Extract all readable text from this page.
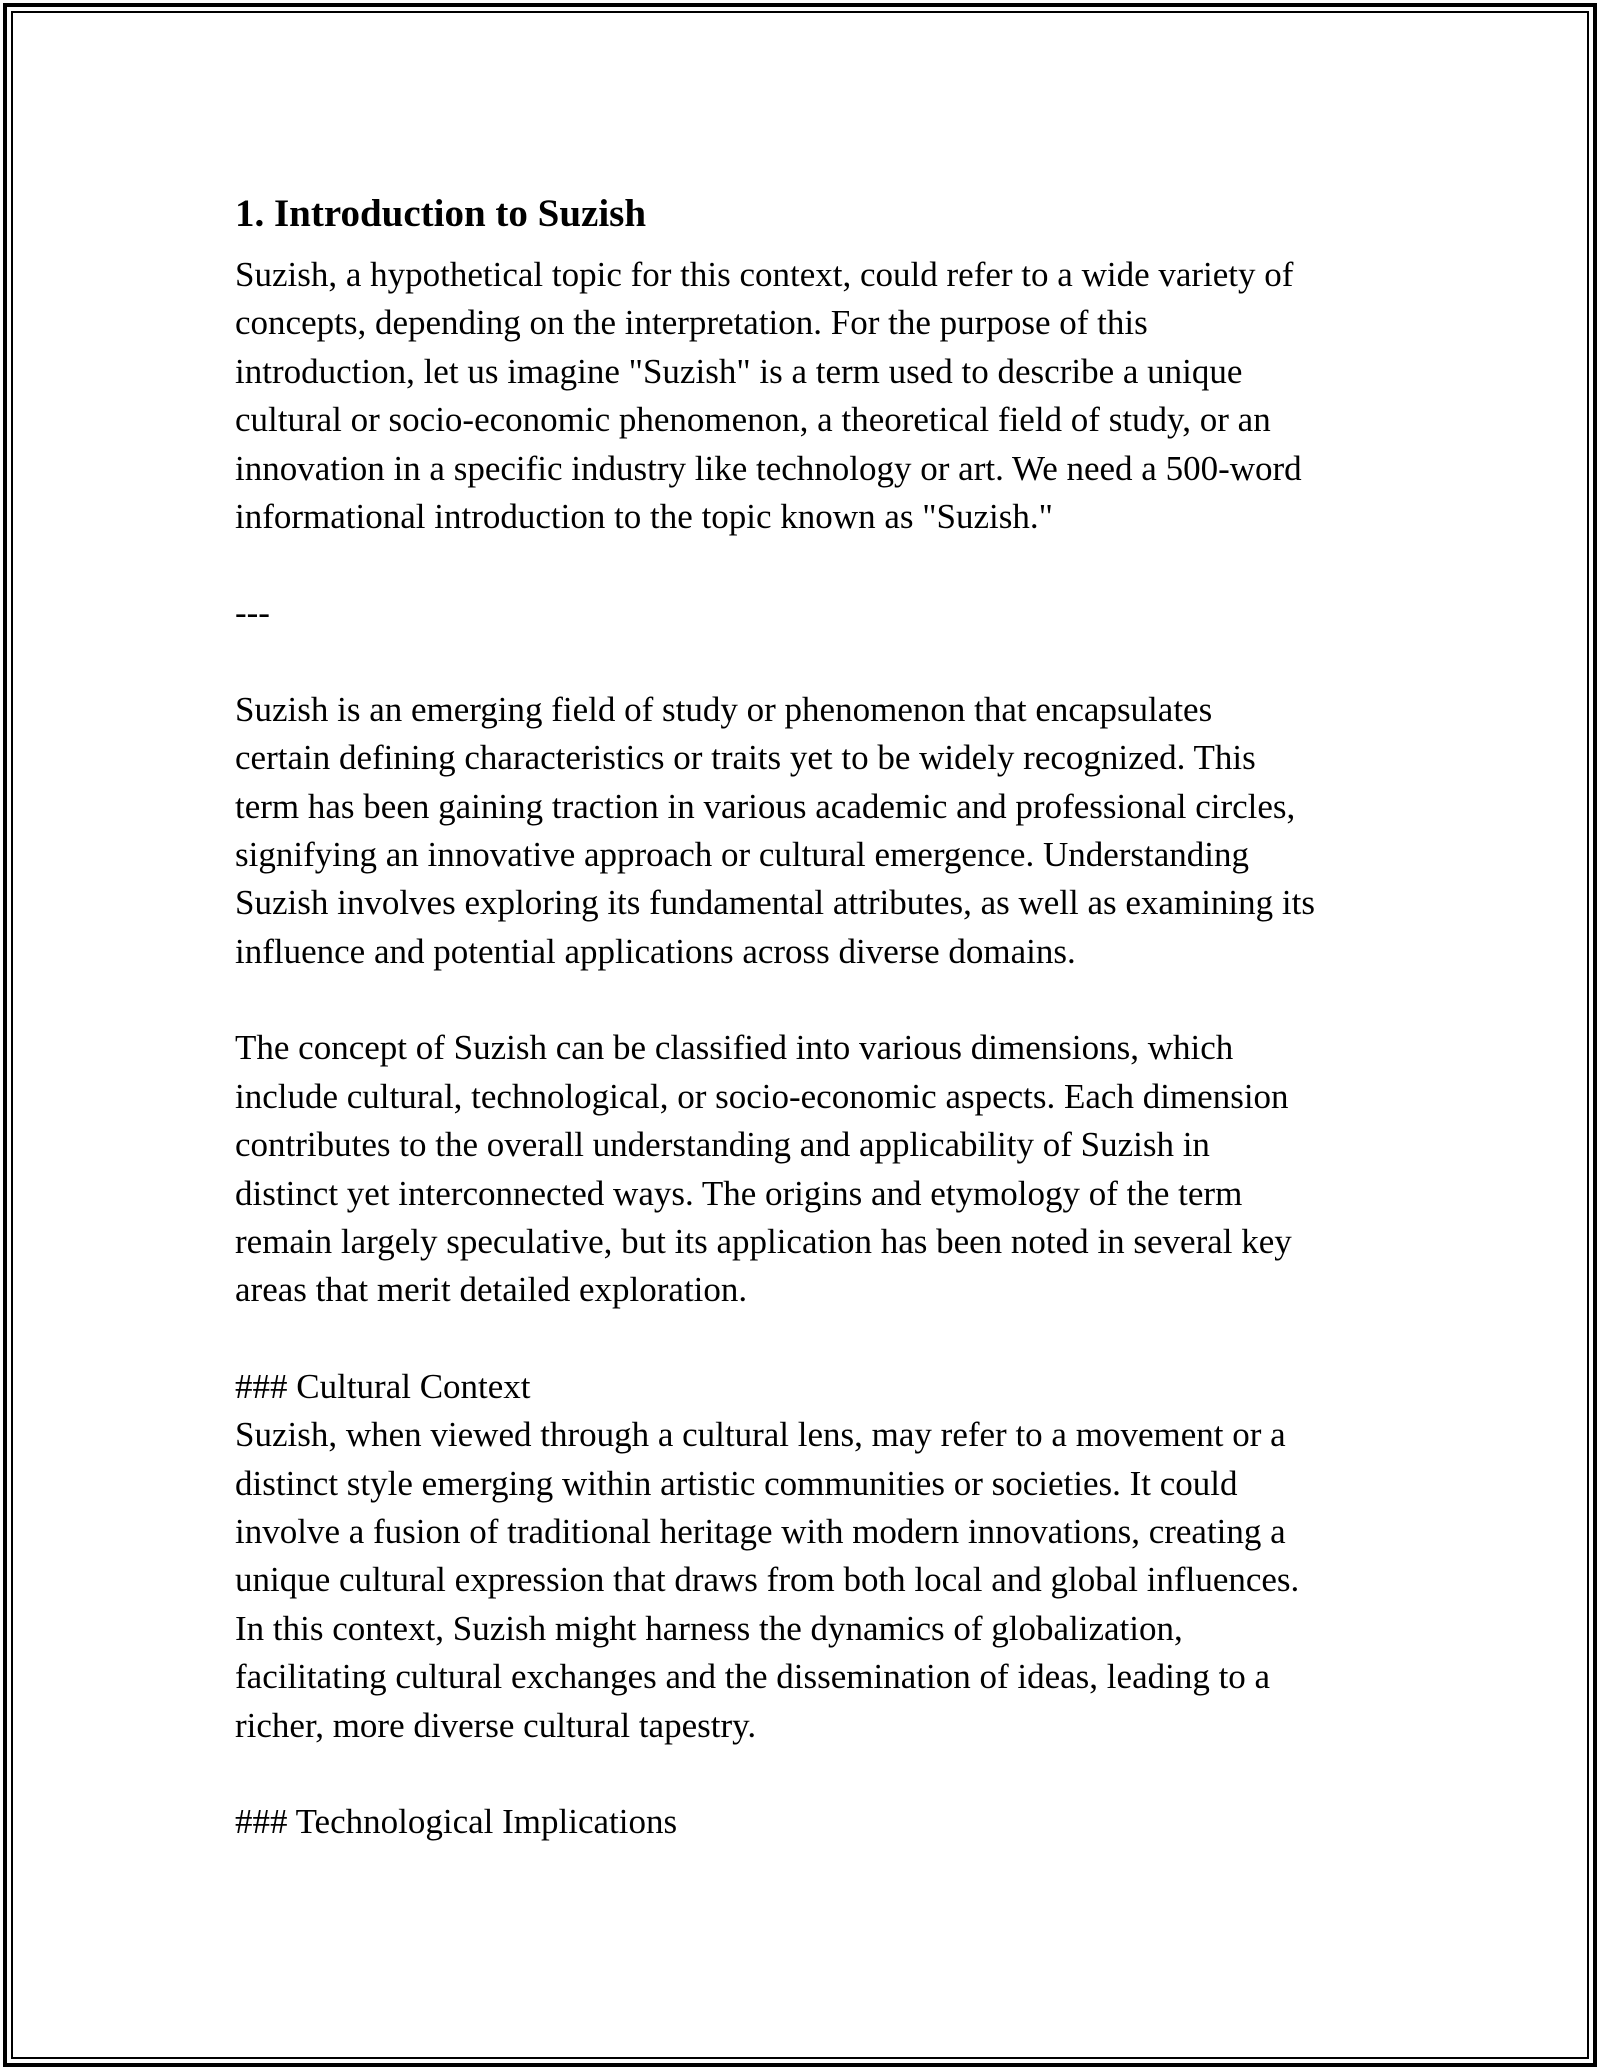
1. Introduction to Suzish

Suzish, a hypothetical topic for this context, could refer to a wide variety of
concepts, depending on the interpretation. For the purpose of this
introduction, let us imagine "Suzish" is a term used to describe a unique
cultural or socio-economic phenomenon, a theoretical field of study, or an
innovation in a specific industry like technology or art. We need a 500-word
informational introduction to the topic known as "Suzish."

---

Suzish is an emerging field of study or phenomenon that encapsulates
certain defining characteristics or traits yet to be widely recognized. This
term has been gaining traction in various academic and professional circles,
signifying an innovative approach or cultural emergence. Understanding
Suzish involves exploring its fundamental attributes, as well as examining its
influence and potential applications across diverse domains.

The concept of Suzish can be classified into various dimensions, which
include cultural, technological, or socio-economic aspects. Each dimension
contributes to the overall understanding and applicability of Suzish in
distinct yet interconnected ways. The origins and etymology of the term
remain largely speculative, but its application has been noted in several key
areas that merit detailed exploration.

### Cultural Context

Suzish, when viewed through a cultural lens, may refer to a movement or a
distinct style emerging within artistic communities or societies. It could
involve a fusion of traditional heritage with modern innovations, creating a
unique cultural expression that draws from both local and global influences.
In this context, Suzish might harness the dynamics of globalization,
facilitating cultural exchanges and the dissemination of ideas, leading to a
richer, more diverse cultural tapestry.

### Technological Implications
